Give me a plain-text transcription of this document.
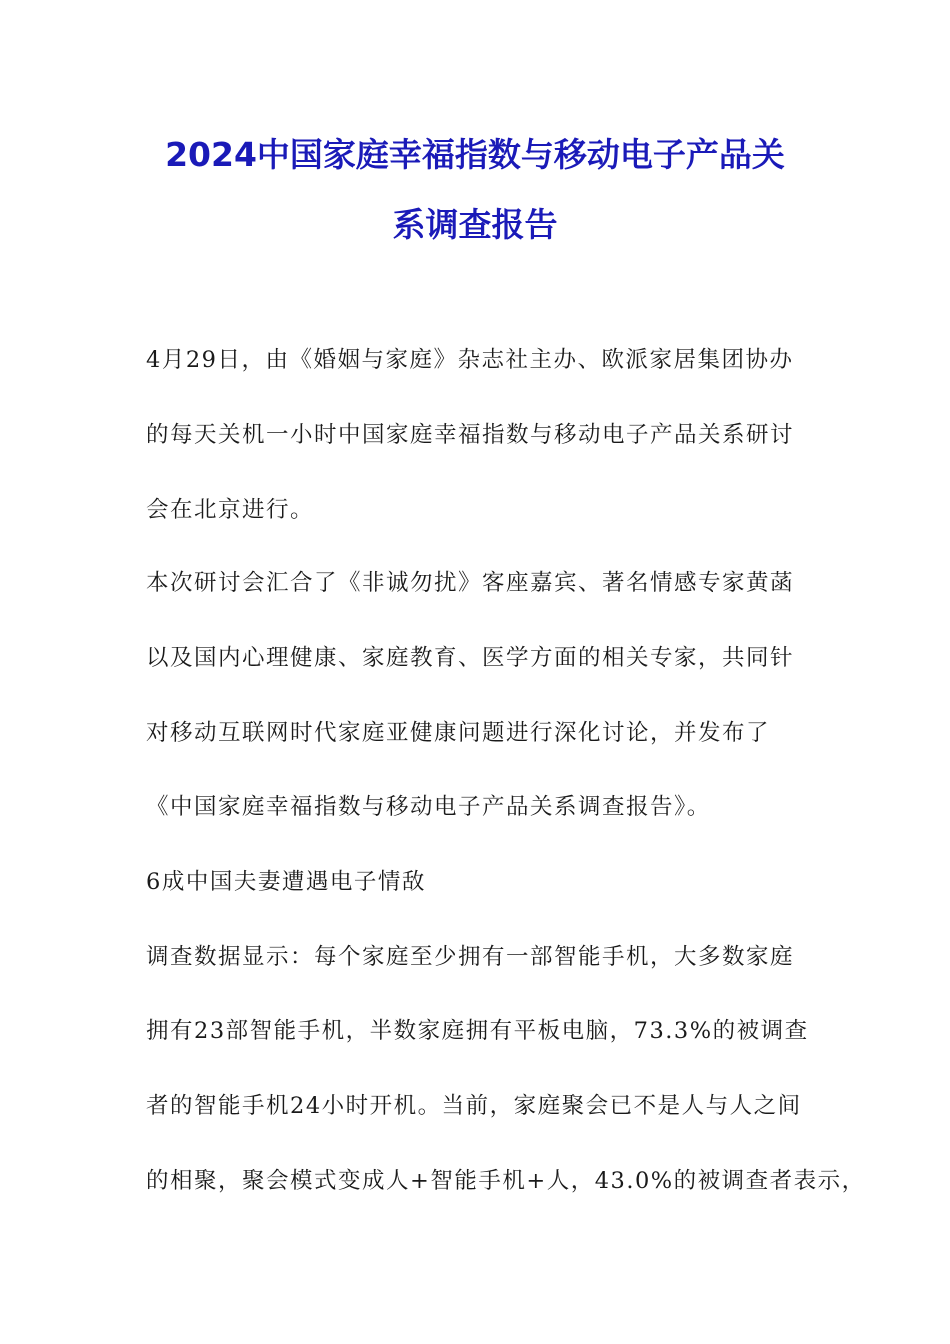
2024中国家庭幸福指数与移动电子产品关
系调查报告
4月29日，由《婚姻与家庭》杂志社主办、欧派家居集团协办
的每天关机一小时中国家庭幸福指数与移动电子产品关系研讨
会在北京进行。
本次研讨会汇合了《非诚勿扰》客座嘉宾、著名情感专家黄菡
以及国内心理健康、家庭教育、医学方面的相关专家，共同针
对移动互联网时代家庭亚健康问题进行深化讨论，并发布了
《中国家庭幸福指数与移动电子产品关系调查报告》。
6成中国夫妻遭遇电子情敌
调查数据显示：每个家庭至少拥有一部智能手机，大多数家庭
拥有23部智能手机，半数家庭拥有平板电脑，73.3%的被调查
者的智能手机24小时开机。当前，家庭聚会已不是人与人之间
的相聚，聚会模式变成人+智能手机+人，43.0%的被调查者表示，
